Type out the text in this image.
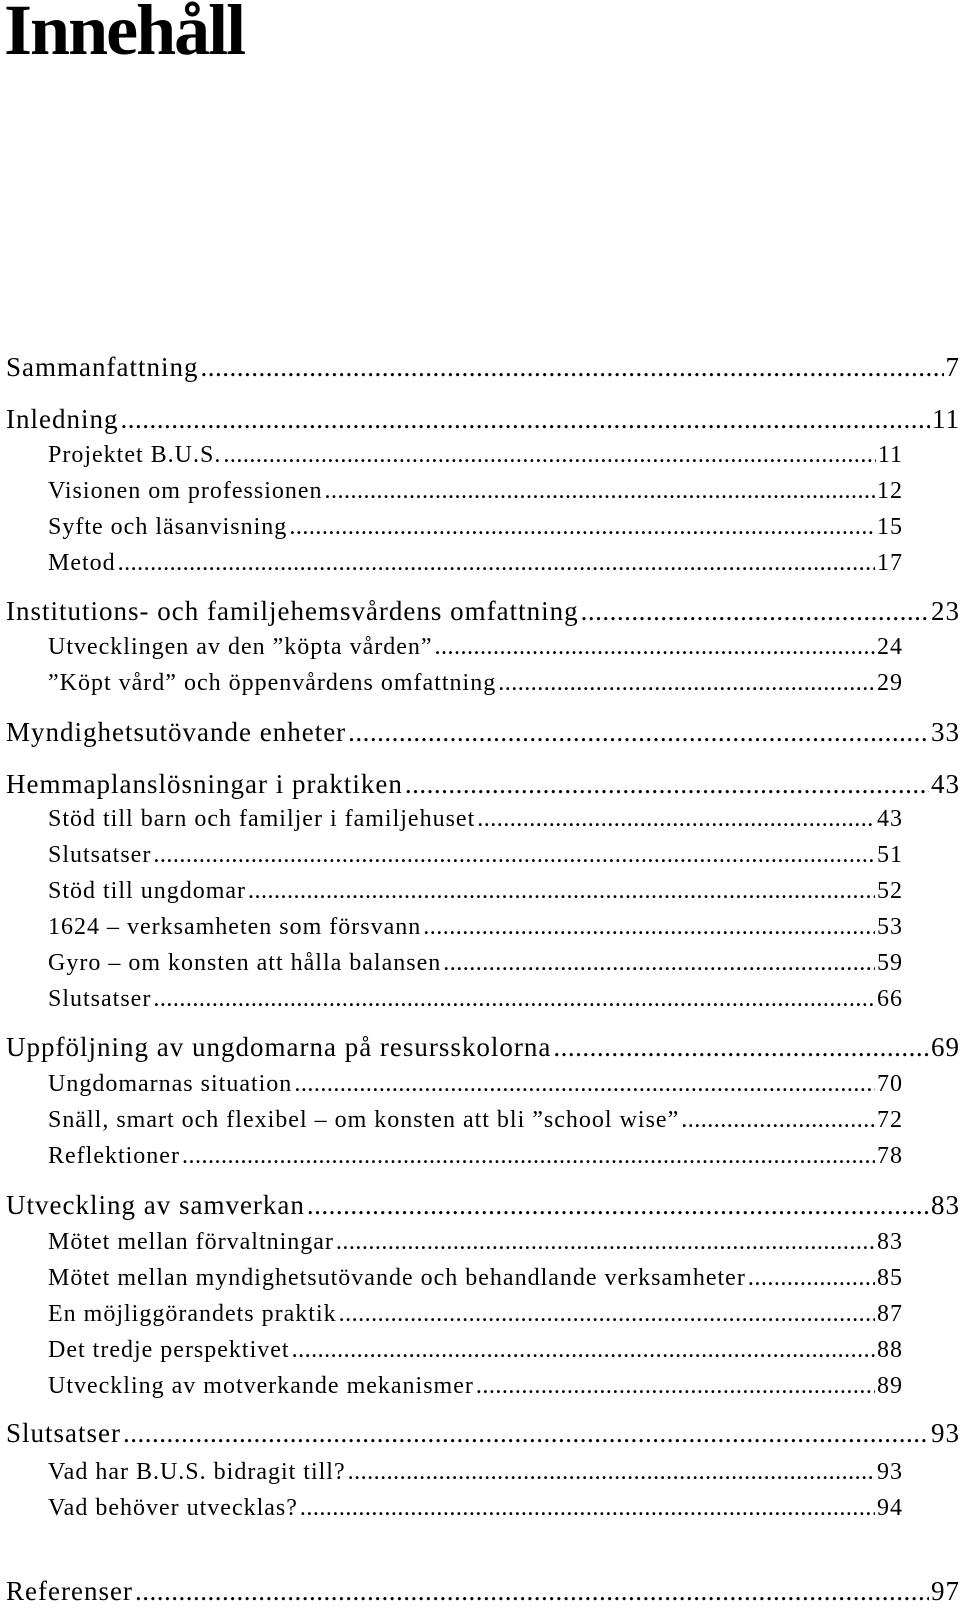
Innehåll
Sammanfattning .....	7
Inledning .....	11
Projektet B.U.S. .....	11
Visionen om professionen .....	12
Syfte och läsanvisning .....	15
Metod .....	17
Institutions- och familjehemsvårdens omfattning .....	23
Utvecklingen av den ”köpta vården” .....	24
”Köpt vård” och öppenvårdens omfattning .....	29
Myndighetsutövande enheter .....	33
Hemmaplanslösningar i praktiken .....	43
Stöd till barn och familjer i familjehuset .....	43
Slutsatser .....	51
Stöd till ungdomar .....	52
1624 – verksamheten som försvann .....	53
Gyro – om konsten att hålla balansen .....	59
Slutsatser .....	66
Uppföljning av ungdomarna på resursskolorna .....	69
Ungdomarnas situation .....	70
Snäll, smart och flexibel – om konsten att bli ”school wise” .....	72
Reflektioner .....	78
Utveckling av samverkan .....	83
Mötet mellan förvaltningar .....	83
Mötet mellan myndighetsutövande och behandlande verksamheter .....	85
En möjliggörandets praktik .....	87
Det tredje perspektivet .....	88
Utveckling av motverkande mekanismer .....	89
Slutsatser .....	93
Vad har B.U.S. bidragit till? .....	93
Vad behöver utvecklas? .....	94
Referenser .....	97
